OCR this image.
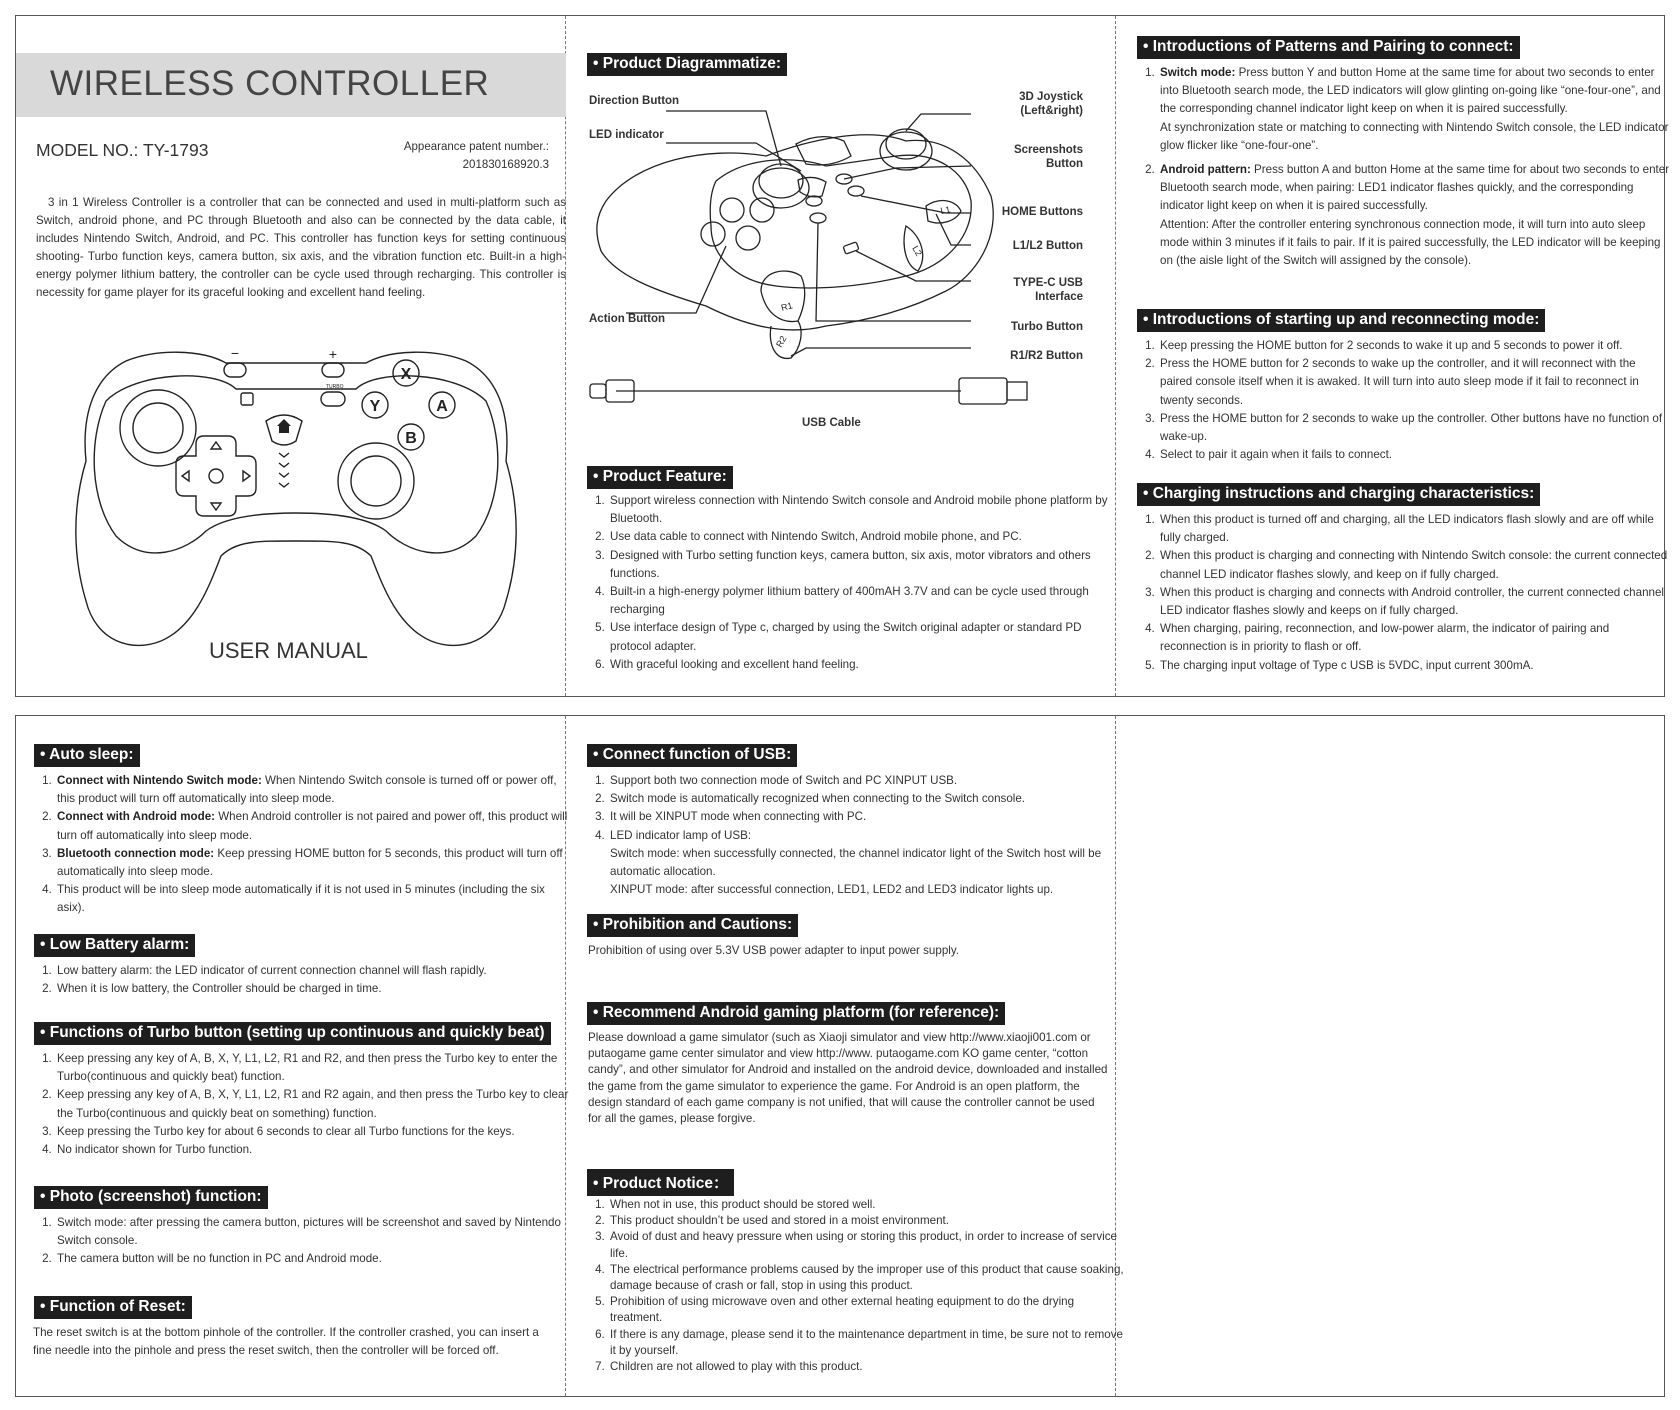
WIRELESS CONTROLLER
MODEL NO.: TY-1793	Appearance patent number.:
201830168920.3
3 in 1 Wireless Controller is a controller that can be connected and used in multi-platform such as Switch, android phone, and PC through Bluetooth and also can be connected by the data cable, it includes Nintendo Switch, Android, and PC. This controller has function keys for setting continuous shooting- Turbo function keys, camera button, six axis, and the vibration function etc. Built-in a high-energy polymer lithium battery, the controller can be cycle used through recharging. This controller is necessity for game player for its graceful looking and excellent hand feeling.
−	+
TURBO
X
Y	A
B
USER MANUAL
• Product Diagrammatize:
Direction Button
LED indicator
Action Button
3D Joystick
(Left&right)
Screenshots
Button
HOME Buttons
L1/L2 Button
TYPE-C USB
Interface
Turbo Button
R1/R2 Button
R1
R2
L2
L1
USB Cable
• Product Feature:
1. Support wireless connection with Nintendo Switch console and Android mobile phone platform by Bluetooth.
2. Use data cable to connect with Nintendo Switch, Android mobile phone, and PC.
3. Designed with Turbo setting function keys, camera button, six axis, motor vibrators and others functions.
4. Built-in a high-energy polymer lithium battery of 400mAH 3.7V and can be cycle used through recharging
5. Use interface design of Type c, charged by using the Switch original adapter or standard PD protocol adapter.
6. With graceful looking and excellent hand feeling.
• Introductions of Patterns and Pairing to connect:
1. Switch mode: Press button Y and button Home at the same time for about two seconds to enter into Bluetooth search mode, the LED indicators will glow glinting on-going like “one-four-one”, and the corresponding channel indicator light keep on when it is paired successfully.
At synchronization state or matching to connecting with Nintendo Switch console, the LED indicator glow flicker like “one-four-one”.
2. Android pattern: Press button A and button Home at the same time for about two seconds to enter Bluetooth search mode, when pairing: LED1 indicator flashes quickly, and the corresponding indicator light keep on when it is paired successfully.
Attention: After the controller entering synchronous connection mode, it will turn into auto sleep mode within 3 minutes if it fails to pair. If it is paired successfully, the LED indicator will be keeping on (the aisle light of the Switch will assigned by the console).
• Introductions of starting up and reconnecting mode:
1. Keep pressing the HOME button for 2 seconds to wake it up and 5 seconds to power it off.
2. Press the HOME button for 2 seconds to wake up the controller, and it will reconnect with the paired console itself when it is awaked. It will turn into auto sleep mode if it fail to reconnect in twenty seconds.
3. Press the HOME button for 2 seconds to wake up the controller. Other buttons have no function of wake-up.
4. Select to pair it again when it fails to connect.
• Charging instructions and charging characteristics:
1. When this product is turned off and charging, all the LED indicators flash slowly and are off while fully charged.
2. When this product is charging and connecting with Nintendo Switch console: the current connected channel LED indicator flashes slowly, and keep on if fully charged.
3. When this product is charging and connects with Android controller, the current connected channel LED indicator flashes slowly and keeps on if fully charged.
4. When charging, pairing, reconnection, and low-power alarm, the indicator of pairing and reconnection is in priority to flash or off.
5. The charging input voltage of Type c USB is 5VDC, input current 300mA.
• Auto sleep:
1. Connect with Nintendo Switch mode: When Nintendo Switch console is turned off or power off, this product will turn off automatically into sleep mode.
2. Connect with Android mode: When Android controller is not paired and power off, this product will turn off automatically into sleep mode.
3. Bluetooth connection mode: Keep pressing HOME button for 5 seconds, this product will turn off automatically into sleep mode.
4. This product will be into sleep mode automatically if it is not used in 5 minutes (including the six asix).
• Low Battery alarm:
1. Low battery alarm: the LED indicator of current connection channel will flash rapidly.
2. When it is low battery, the Controller should be charged in time.
• Functions of Turbo button (setting up continuous and quickly beat)
1. Keep pressing any key of A, B, X, Y, L1, L2, R1 and R2, and then press the Turbo key to enter the Turbo(continuous and quickly beat) function.
2. Keep pressing any key of A, B, X, Y, L1, L2, R1 and R2 again, and then press the Turbo key to clear the Turbo(continuous and quickly beat on something) function.
3. Keep pressing the Turbo key for about 6 seconds to clear all Turbo functions for the keys.
4. No indicator shown for Turbo function.
• Photo (screenshot) function:
1. Switch mode: after pressing the camera button, pictures will be screenshot and saved by Nintendo Switch console.
2. The camera button will be no function in PC and Android mode.
• Function of Reset:
The reset switch is at the bottom pinhole of the controller. If the controller crashed, you can insert a fine needle into the pinhole and press the reset switch, then the controller will be forced off.
• Connect function of USB:
1. Support both two connection mode of Switch and PC XINPUT USB.
2. Switch mode is automatically recognized when connecting to the Switch console.
3. It will be XINPUT mode when connecting with PC.
4. LED indicator lamp of USB:
Switch mode: when successfully connected, the channel indicator light of the Switch host will be automatic allocation.
XINPUT mode: after successful connection, LED1, LED2 and LED3 indicator lights up.
• Prohibition and Cautions:
Prohibition of using over 5.3V USB power adapter to input power supply.
• Recommend Android gaming platform (for reference):
Please download a game simulator (such as Xiaoji simulator and view http://www.xiaoji001.com or putaogame game center simulator and view http://www. putaogame.com KO game center, “cotton candy”, and other simulator for Android and installed on the android device, downloaded and installed the game from the game simulator to experience the game. For Android is an open platform, the design standard of each game company is not unified, that will cause the controller cannot be used for all the games, please forgive.
• Product Notice：
1. When not in use, this product should be stored well.
2. This product shouldn’t be used and stored in a moist environment.
3. Avoid of dust and heavy pressure when using or storing this product, in order to increase of service life.
4. The electrical performance problems caused by the improper use of this product that cause soaking, damage because of crash or fall, stop in using this product.
5. Prohibition of using microwave oven and other external heating equipment to do the drying treatment.
6. If there is any damage, please send it to the maintenance department in time, be sure not to remove it by yourself.
7. Children are not allowed to play with this product.
